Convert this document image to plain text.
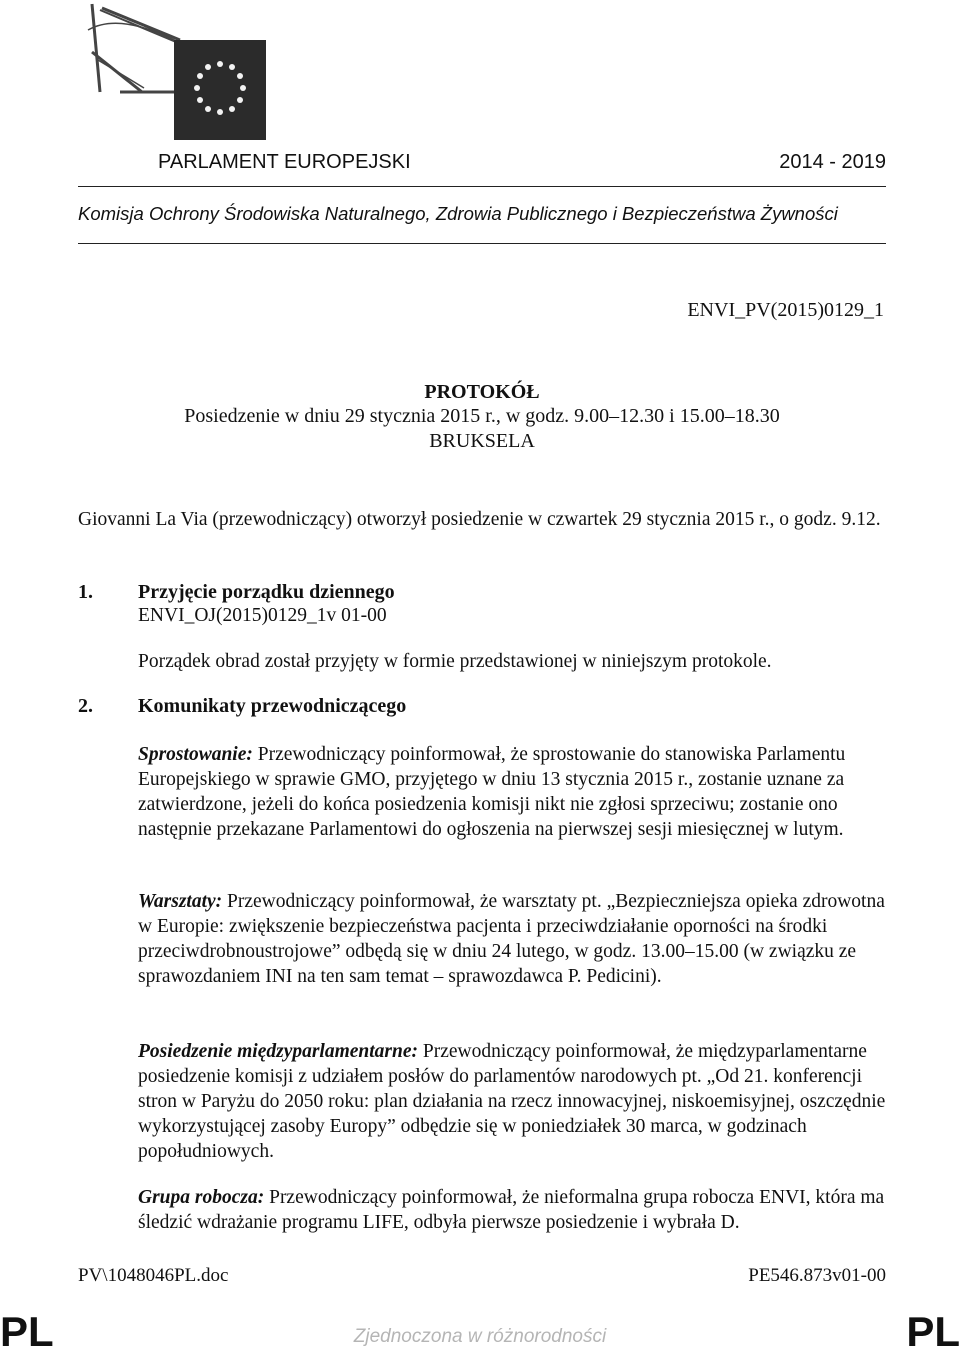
PARLAMENT EUROPEJSKI	2014 - 2019
Komisja Ochrony Środowiska Naturalnego, Zdrowia Publicznego i Bezpieczeństwa Żywności
ENVI_PV(2015)0129_1
PROTOKÓŁ
Posiedzenie w dniu 29 stycznia 2015 r., w godz. 9.00–12.30 i 15.00–18.30
BRUKSELA
Giovanni La Via (przewodniczący) otworzył posiedzenie w czwartek 29 stycznia 2015 r., o godz. 9.12.
1. Przyjęcie porządku dziennego
ENVI_OJ(2015)0129_1v 01-00
Porządek obrad został przyjęty w formie przedstawionej w niniejszym protokole.
2. Komunikaty przewodniczącego
Sprostowanie: Przewodniczący poinformował, że sprostowanie do stanowiska Parlamentu Europejskiego w sprawie GMO, przyjętego w dniu 13 stycznia 2015 r., zostanie uznane za zatwierdzone, jeżeli do końca posiedzenia komisji nikt nie zgłosi sprzeciwu; zostanie ono następnie przekazane Parlamentowi do ogłoszenia na pierwszej sesji miesięcznej w lutym.
Warsztaty: Przewodniczący poinformował, że warsztaty pt. „Bezpieczniejsza opieka zdrowotna w Europie: zwiększenie bezpieczeństwa pacjenta i przeciwdziałanie oporności na środki przeciwdrobnoustrojowe” odbędą się w dniu 24 lutego, w godz. 13.00–15.00 (w związku ze sprawozdaniem INI na ten sam temat – sprawozdawca P. Pedicini).
Posiedzenie międzyparlamentarne: Przewodniczący poinformował, że międzyparlamentarne posiedzenie komisji z udziałem posłów do parlamentów narodowych pt. „Od 21. konferencji stron w Paryżu do 2050 roku: plan działania na rzecz innowacyjnej, niskoemisyjnej, oszczędnie wykorzystującej zasoby Europy” odbędzie się w poniedziałek 30 marca, w godzinach popołudniowych.
Grupa robocza: Przewodniczący poinformował, że nieformalna grupa robocza ENVI, która ma śledzić wdrażanie programu LIFE, odbyła pierwsze posiedzenie i wybrała D.
PV\1048046PL.doc	PE546.873v01-00
PL	Zjednoczona w różnorodności	PL
